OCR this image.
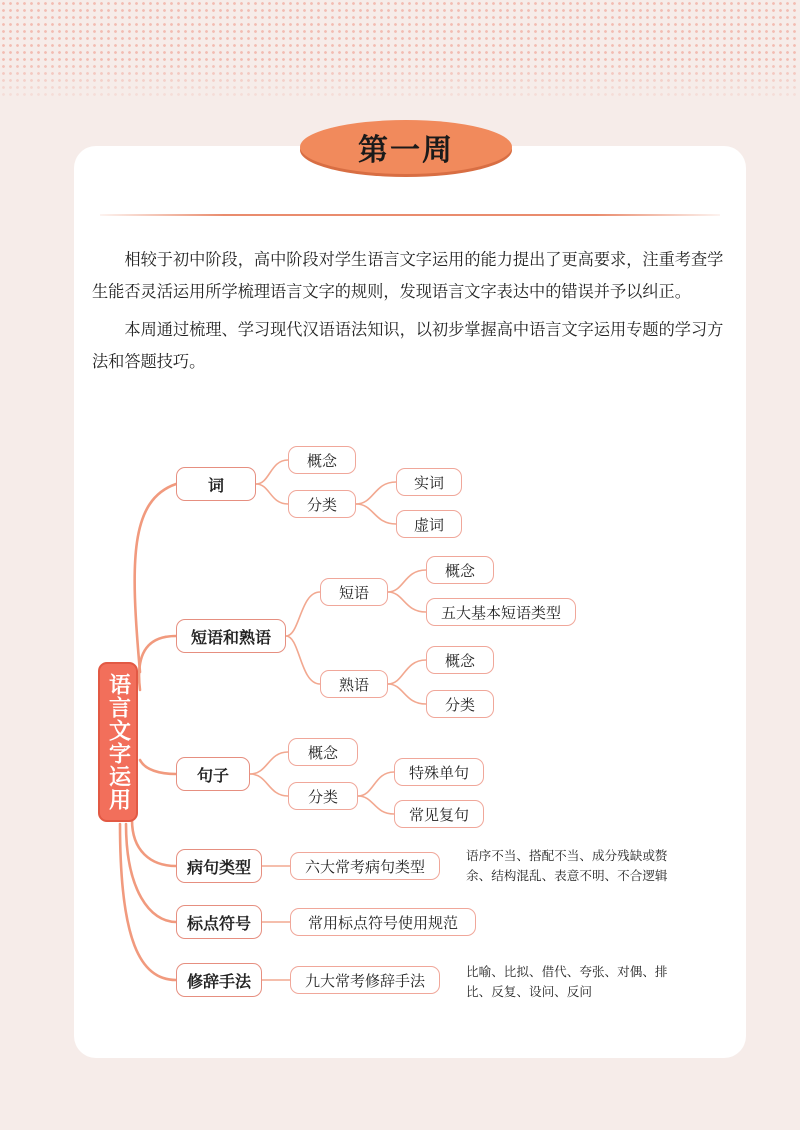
第一周

相较于初中阶段，高中阶段对学生语言文字运用的能力提出了更高要求，注重考查学生能否灵活运用所学梳理语言文字的规则，发现语言文字表达中的错误并予以纠正。

本周通过梳理、学习现代汉语语法知识，以初步掌握高中语言文字运用专题的学习方法和答题技巧。

语言文字运用
词
概念
分类
实词
虚词
短语和熟语
短语
概念
五大基本短语类型
熟语
概念
分类
句子
概念
分类
特殊单句
常见复句
病句类型	六大常考病句类型
语序不当、搭配不当、成分残缺或赘
余、结构混乱、表意不明、不合逻辑
标点符号	常用标点符号使用规范
修辞手法	九大常考修辞手法	比喻、比拟、借代、夸张、对偶、排
比、反复、设问、反问
